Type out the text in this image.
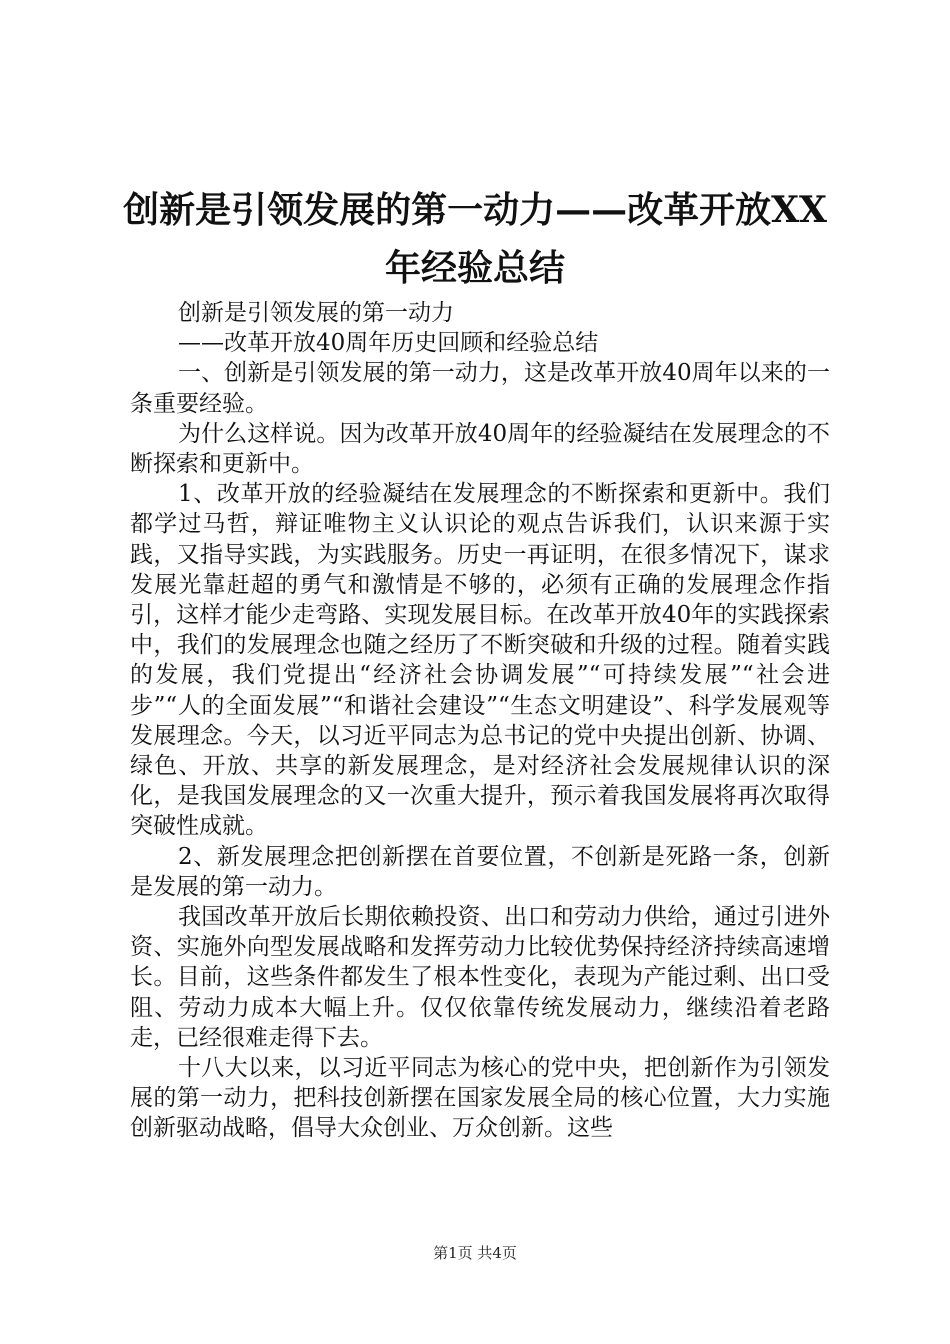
创新是引领发展的第一动力——改革开放XX
年经验总结

创新是引领发展的第一动力

——改革开放40周年历史回顾和经验总结

一、创新是引领发展的第一动力，这是改革开放40周年以来的一条重要经验。

为什么这样说。因为改革开放40周年的经验凝结在发展理念的不断探索和更新中。

1、改革开放的经验凝结在发展理念的不断探索和更新中。我们都学过马哲，辩证唯物主义认识论的观点告诉我们，认识来源于实践，又指导实践，为实践服务。历史一再证明，在很多情况下，谋求发展光靠赶超的勇气和激情是不够的，必须有正确的发展理念作指引，这样才能少走弯路、实现发展目标。在改革开放40年的实践探索中，我们的发展理念也随之经历了不断突破和升级的过程。随着实践的发展，我们党提出“经济社会协调发展”“可持续发展”“社会进步”“人的全面发展”“和谐社会建设”“生态文明建设”、科学发展观等发展理念。今天，以习近平同志为总书记的党中央提出创新、协调、绿色、开放、共享的新发展理念，是对经济社会发展规律认识的深化，是我国发展理念的又一次重大提升，预示着我国发展将再次取得突破性成就。

2、新发展理念把创新摆在首要位置，不创新是死路一条，创新是发展的第一动力。

我国改革开放后长期依赖投资、出口和劳动力供给，通过引进外资、实施外向型发展战略和发挥劳动力比较优势保持经济持续高速增长。目前，这些条件都发生了根本性变化，表现为产能过剩、出口受阻、劳动力成本大幅上升。仅仅依靠传统发展动力，继续沿着老路走，已经很难走得下去。

十八大以来，以习近平同志为核心的党中央，把创新作为引领发展的第一动力，把科技创新摆在国家发展全局的核心位置，大力实施创新驱动战略，倡导大众创业、万众创新。这些

第1页 共4页
